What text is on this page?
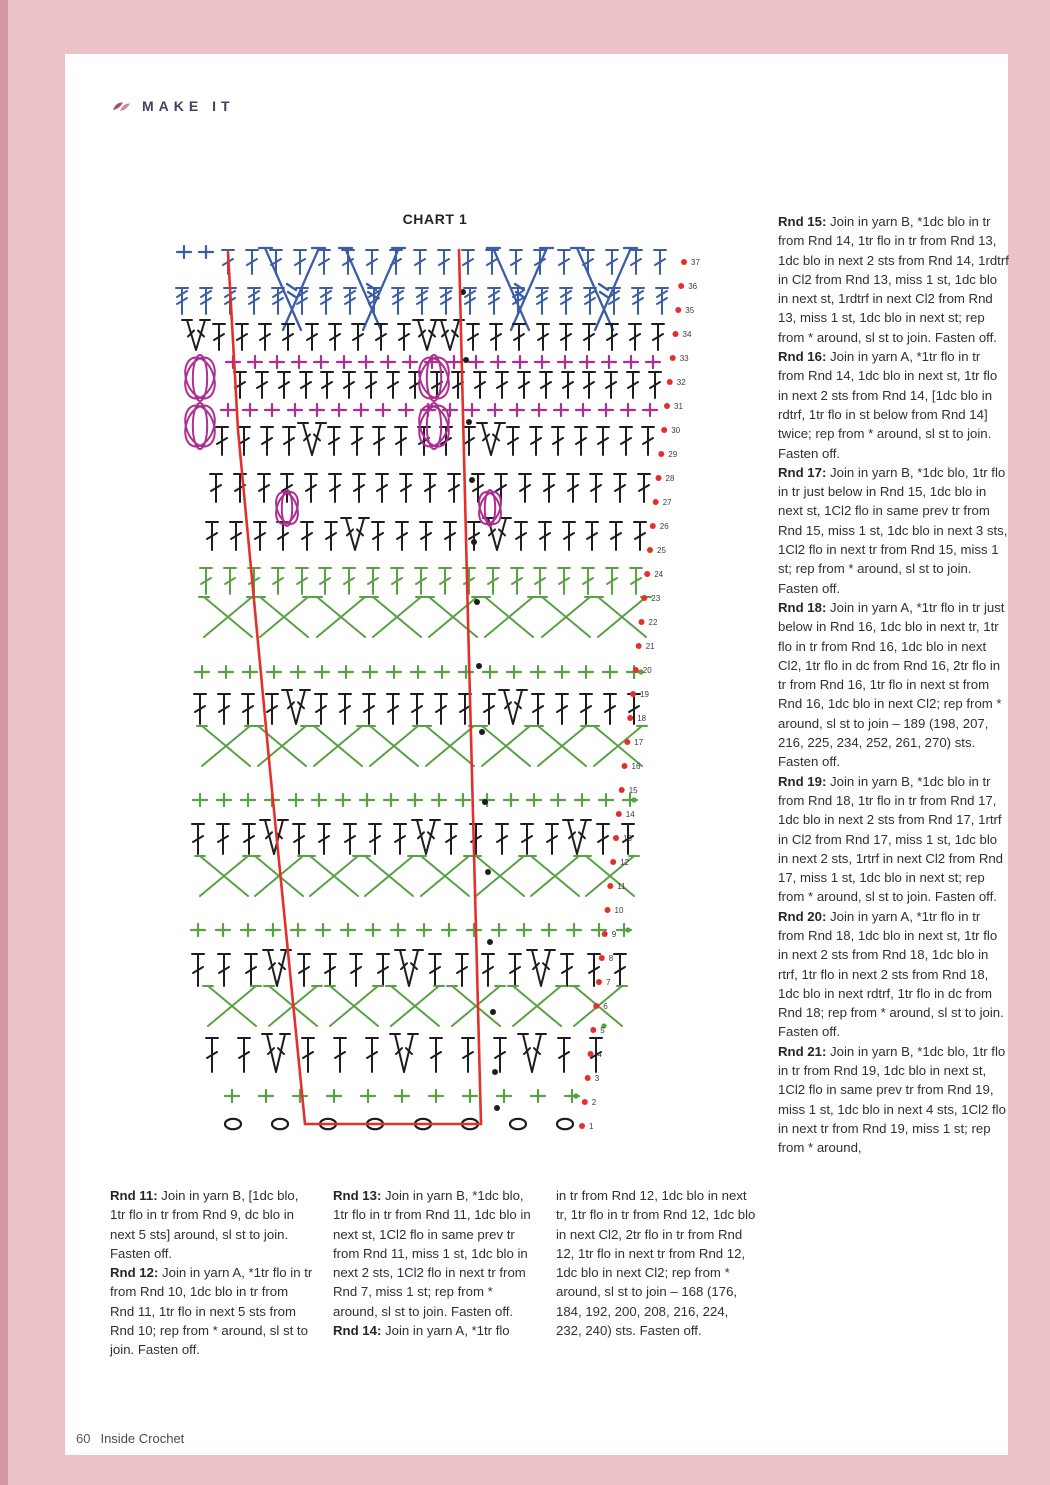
MAKE IT
CHART 1
1
2
3
4
5
6
7
8
9
10
11
12
13
14
15
16
17
18
19
20
21
22
23
24
25
26
27
28
29
30
31
32
33
34
35
36
37

Rnd 11: Join in yarn B, [1dc blo, 1tr flo in tr from Rnd 9, dc blo in next 5 sts] around, sl st to join. Fasten off.

Rnd 12: Join in yarn A, *1tr flo in tr from Rnd 10, 1dc blo in tr from Rnd 11, 1tr flo in next 5 sts from Rnd 10; rep from * around, sl st to join. Fasten off.

Rnd 13: Join in yarn B, *1dc blo, 1tr flo in tr from Rnd 11, 1dc blo in next st, 1Cl2 flo in same prev tr from Rnd 11, miss 1 st, 1dc blo in next 2 sts, 1Cl2 flo in next tr from Rnd 7, miss 1 st; rep from * around, sl st to join. Fasten off.

Rnd 14: Join in yarn A, *1tr flo

in tr from Rnd 12, 1dc blo in next tr, 1tr flo in tr from Rnd 12, 1dc blo in next Cl2, 2tr flo in tr from Rnd 12, 1tr flo in next tr from Rnd 12, 1dc blo in next Cl2; rep from * around, sl st to join – 168 (176, 184, 192, 200, 208, 216, 224, 232, 240) sts. Fasten off.

Rnd 15: Join in yarn B, *1dc blo in tr from Rnd 14, 1tr flo in tr from Rnd 13, 1dc blo in next 2 sts from Rnd 14, 1rdtrf in Cl2 from Rnd 13, miss 1 st, 1dc blo in next st, 1rdtrf in next Cl2 from Rnd 13, miss 1 st, 1dc blo in next st; rep from * around, sl st to join. Fasten off.

Rnd 16: Join in yarn A, *1tr flo in tr from Rnd 14, 1dc blo in next st, 1tr flo in next 2 sts from Rnd 14, [1dc blo in rdtrf, 1tr flo in st below from Rnd 14] twice; rep from * around, sl st to join. Fasten off.

Rnd 17: Join in yarn B, *1dc blo, 1tr flo in tr just below in Rnd 15, 1dc blo in next st, 1Cl2 flo in same prev tr from Rnd 15, miss 1 st, 1dc blo in next 3 sts, 1Cl2 flo in next tr from Rnd 15, miss 1 st; rep from * around, sl st to join. Fasten off.

Rnd 18: Join in yarn A, *1tr flo in tr just below in Rnd 16, 1dc blo in next tr, 1tr flo in tr from Rnd 16, 1dc blo in next Cl2, 1tr flo in dc from Rnd 16, 2tr flo in tr from Rnd 16, 1tr flo in next st from Rnd 16, 1dc blo in next Cl2; rep from * around, sl st to join – 189 (198, 207, 216, 225, 234, 252, 261, 270) sts. Fasten off.

Rnd 19: Join in yarn B, *1dc blo in tr from Rnd 18, 1tr flo in tr from Rnd 17, 1dc blo in next 2 sts from Rnd 17, 1rtrf in Cl2 from Rnd 17, miss 1 st, 1dc blo in next 2 sts, 1rtrf in next Cl2 from Rnd 17, miss 1 st, 1dc blo in next st; rep from * around, sl st to join. Fasten off.

Rnd 20: Join in yarn A, *1tr flo in tr from Rnd 18, 1dc blo in next st, 1tr flo in next 2 sts from Rnd 18, 1dc blo in rtrf, 1tr flo in next 2 sts from Rnd 18, 1dc blo in next rdtrf, 1tr flo in dc from Rnd 18; rep from * around, sl st to join. Fasten off.

Rnd 21: Join in yarn B, *1dc blo, 1tr flo in tr from Rnd 19, 1dc blo in next st, 1Cl2 flo in same prev tr from Rnd 19, miss 1 st, 1dc blo in next 4 sts, 1Cl2 flo in next tr from Rnd 19, miss 1 st; rep from * around,

60 Inside Crochet
